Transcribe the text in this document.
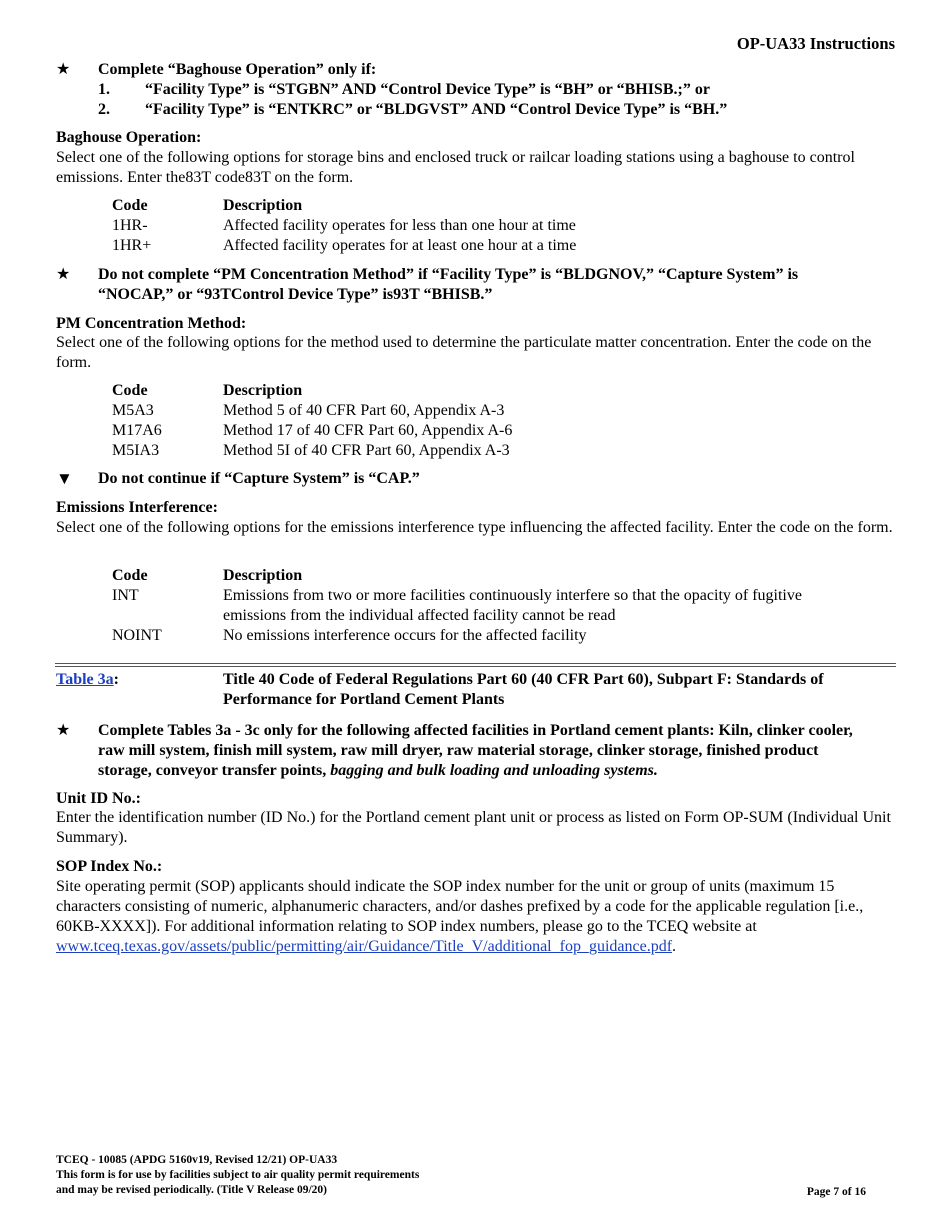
OP-UA33 Instructions
★ Complete “Baghouse Operation” only if:
1. “Facility Type” is “STGBN” AND “Control Device Type” is “BH” or “BHISB.;” or
2. “Facility Type” is “ENTKRC” or “BLDGVST” AND “Control Device Type” is “BH.”
Baghouse Operation:
Select one of the following options for storage bins and enclosed truck or railcar loading stations using a baghouse to control emissions. Enter the83T code83T on the form.
Code	Description
1HR-	Affected facility operates for less than one hour at time
1HR+	Affected facility operates for at least one hour at a time
★ Do not complete “PM Concentration Method” if “Facility Type” is “BLDGNOV,” “Capture System” is
“NOCAP,” or “93TControl Device Type” is93T “BHISB.”
PM Concentration Method:
Select one of the following options for the method used to determine the particulate matter concentration. Enter the code on the form.
Code	Description
M5A3	Method 5 of 40 CFR Part 60, Appendix A-3
M17A6	Method 17 of 40 CFR Part 60, Appendix A-6
M5IA3	Method 5I of 40 CFR Part 60, Appendix A-3
▼ Do not continue if “Capture System” is “CAP.”
Emissions Interference:
Select one of the following options for the emissions interference type influencing the affected facility. Enter the code on the form.
Code	Description
INT	Emissions from two or more facilities continuously interfere so that the opacity of fugitive emissions from the individual affected facility cannot be read
NOINT	No emissions interference occurs for the affected facility
Table 3a:	Title 40 Code of Federal Regulations Part 60 (40 CFR Part 60), Subpart F: Standards of Performance for Portland Cement Plants
★ Complete Tables 3a - 3c only for the following affected facilities in Portland cement plants: Kiln, clinker cooler, raw mill system, finish mill system, raw mill dryer, raw material storage, clinker storage, finished product storage, conveyor transfer points, bagging and bulk loading and unloading systems.
Unit ID No.:
Enter the identification number (ID No.) for the Portland cement plant unit or process as listed on Form OP-SUM (Individual Unit Summary).
SOP Index No.:
Site operating permit (SOP) applicants should indicate the SOP index number for the unit or group of units (maximum 15 characters consisting of numeric, alphanumeric characters, and/or dashes prefixed by a code for the applicable regulation [i.e., 60KB-XXXX]). For additional information relating to SOP index numbers, please go to the TCEQ website at www.tceq.texas.gov/assets/public/permitting/air/Guidance/Title_V/additional_fop_guidance.pdf.
TCEQ - 10085 (APDG 5160v19, Revised 12/21) OP-UA33
This form is for use by facilities subject to air quality permit requirements
and may be revised periodically. (Title V Release 09/20)	Page 7 of 16
